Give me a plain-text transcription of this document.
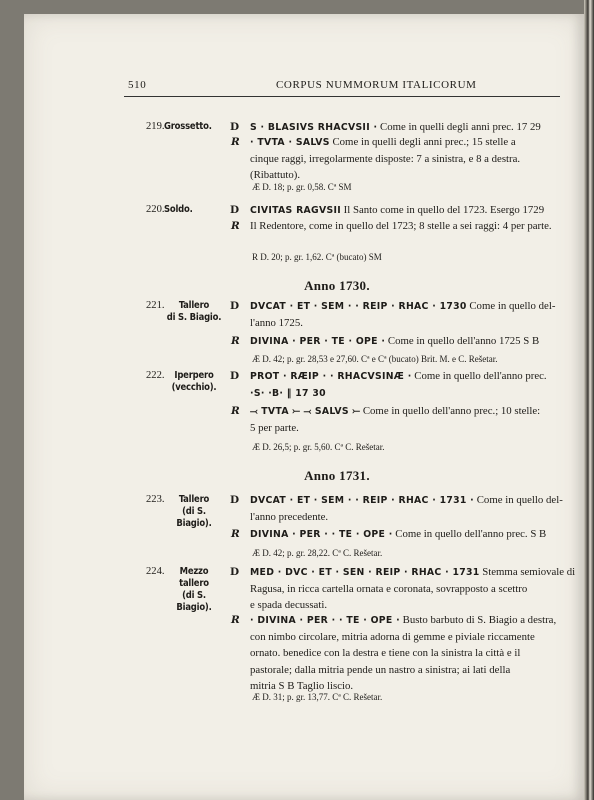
510	CORPUS NUMMORUM ITALICORUM
219. Grossetto. D S · BLASIVS RHACVSII · Come in quelli degli anni prec. 17 29
R · TVTA · SALVS Come in quelli degli anni prec.; 15 stelle a
cinque raggi, irregolarmente disposte: 7 a sinistra, e 8 a destra.
(Ribattuto).
Æ D. 18; p. gr. 0,58. Cª SM
220. Soldo.	D CIVITAS RAGVSII Il Santo come in quello del 1723. Esergo 1729
R Il Redentore, come in quello del 1723; 8 stelle a sei raggi: 4 per parte.
R D. 20; p. gr. 1,62. Cª (bucato) SM
Anno 1730.
221.	Tallero
di S. Biagio.
D DVCAT · ET · SEM · · REIP · RHAC · 1730 Come in quello del-
l'anno 1725.
R DIVINA · PER · TE · OPE · Come in quello dell'anno 1725 S B
Æ D. 42; p. gr. 28,53 e 27,60. Cª e Cª (bucato) Brit. M. e C. Rešetar.
222.	Iperpero
(vecchio).
D PROT · RÆIP · · RHACVSINÆ · Come in quello dell'anno prec.
·S· ·B· ‖ 17 30
R ⤙ TVTA ⤚ ⤙ SALVS ⤚ Come in quello dell'anno prec.; 10 stelle:
5 per parte.
Æ D. 26,5; p. gr. 5,60. Cª C. Rešetar.
Anno 1731.
223.	Tallero
(di S. Biagio).
D DVCAT · ET · SEM · · REIP · RHAC · 1731 · Come in quello del-
l'anno precedente.
R DIVINA · PER · · TE · OPE · Come in quello dell'anno prec. S B
Æ D. 42; p. gr. 28,22. Cª C. Rešetar.
224.	Mezzo tallero
(di S. Biagio).
D MED · DVC · ET · SEN · REIP · RHAC · 1731 Stemma semiovale di
Ragusa, in ricca cartella ornata e coronata, sovrapposto a scettro
e spada decussati.
R · DIVINA · PER · · TE · OPE · Busto barbuto di S. Biagio a destra,
con nimbo circolare, mitria adorna di gemme e piviale riccamente
ornato. benedice con la destra e tiene con la sinistra la città e il
pastorale; dalla mitria pende un nastro a sinistra; ai lati della
mitria S B Taglio liscio.
Æ D. 31; p. gr. 13,77. Cª C. Rešetar.
